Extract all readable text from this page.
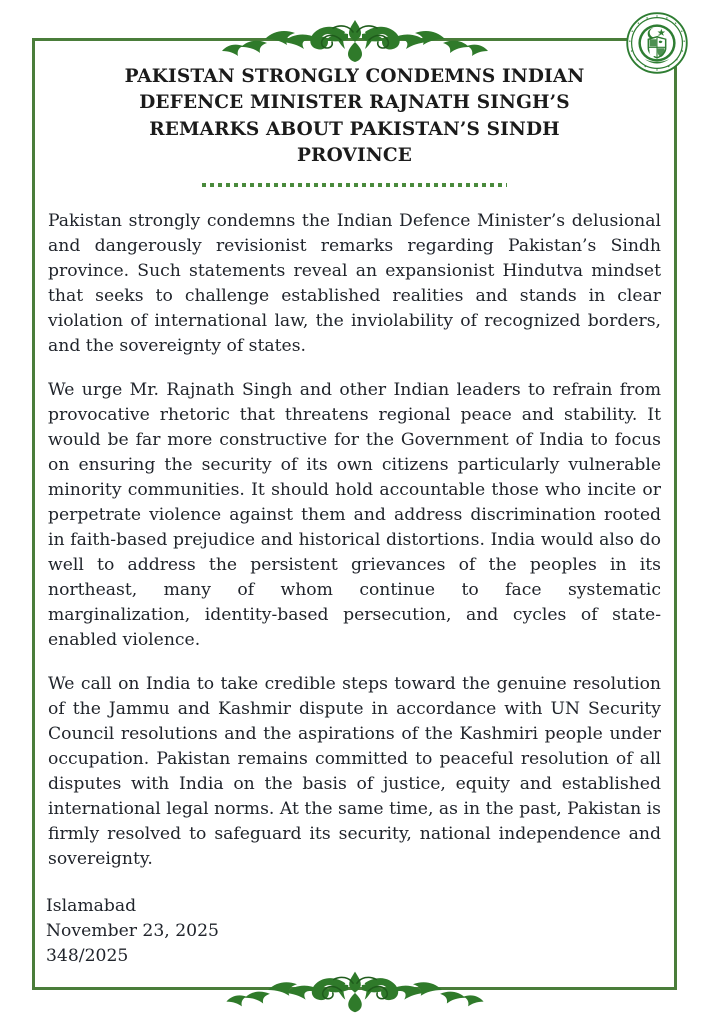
PAKISTAN STRONGLY CONDEMNS INDIAN
DEFENCE MINISTER RAJNATH SINGH’S
REMARKS ABOUT PAKISTAN’S SINDH
PROVINCE

Pakistan strongly condemns the Indian Defence Minister’s delusional and dangerously revisionist remarks regarding Pakistan’s Sindh province. Such statements reveal an expansionist Hindutva mindset that seeks to challenge established realities and stands in clear violation of international law, the inviolability of recognized borders, and the sovereignty of states.

We urge Mr. Rajnath Singh and other Indian leaders to refrain from provocative rhetoric that threatens regional peace and stability. It would be far more constructive for the Government of India to focus on ensuring the security of its own citizens particularly vulnerable minority communities. It should hold accountable those who incite or perpetrate violence against them and address discrimination rooted in faith-based prejudice and historical distortions. India would also do well to address the persistent grievances of the peoples in its northeast, many of whom continue to face systematic marginalization, identity-based persecution, and cycles of state-enabled violence.

We call on India to take credible steps toward the genuine resolution of the Jammu and Kashmir dispute in accordance with UN Security Council resolutions and the aspirations of the Kashmiri people under occupation. Pakistan remains committed to peaceful resolution of all disputes with India on the basis of justice, equity and established international legal norms. At the same time, as in the past, Pakistan is firmly resolved to safeguard its security, national independence and sovereignty.

Islamabad
November 23, 2025
348/2025
